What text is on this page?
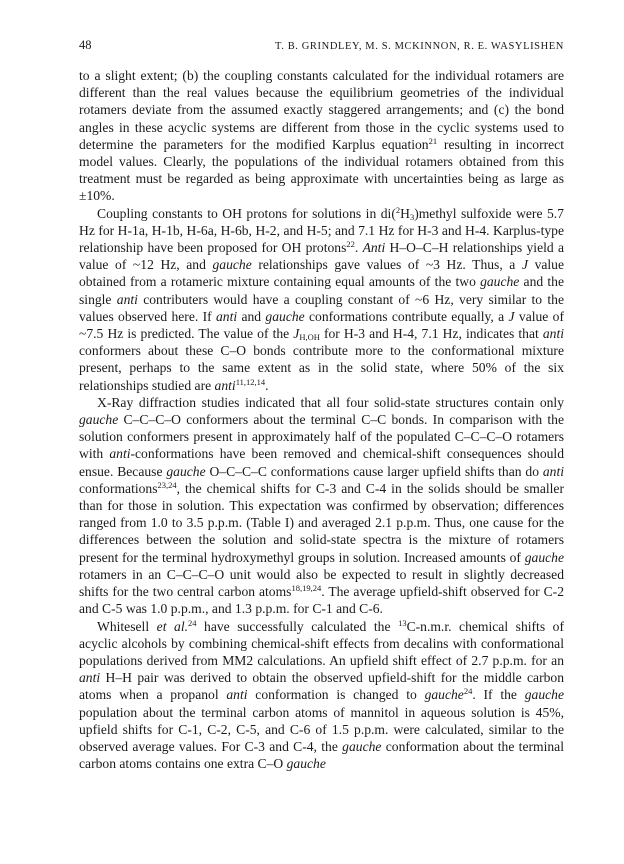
48	T. B. GRINDLEY, M. S. MCKINNON, R. E. WASYLISHEN

to a slight extent; (b) the coupling constants calculated for the individual rotamers are different than the real values because the equilibrium geometries of the individual rotamers deviate from the assumed exactly staggered arrangements; and (c) the bond angles in these acyclic systems are different from those in the cyclic systems used to determine the parameters for the modified Karplus equation$^{21}$ resulting in incorrect model values. Clearly, the populations of the individual rotamers obtained from this treatment must be regarded as being approximate with uncertainties being as large as ±10%.

Coupling constants to OH protons for solutions in $di(^2H_3)methyl$ sulfoxide were 5.7 Hz for H-1a, H-1b, H-6a, H-6b, H-2, and H-5; and 7.1 Hz for H-3 and H-4. Karplus-type relationship have been proposed for OH protons$^{22}$. Anti H–O–C–H relationships yield a value of ~12 Hz, and gauche relationships gave values of ~3 Hz. Thus, a J value obtained from a rotameric mixture containing equal amounts of the two gauche and the single anti contributers would have a coupling constant of ~6 Hz, very similar to the values observed here. If anti and gauche conformations contribute equally, a J value of ~7.5 Hz is predicted. The value of the $J_{H,OH}$ for H-3 and H-4, 7.1 Hz, indicates that anti conformers about these C–O bonds contribute more to the conformational mixture present, perhaps to the same extent as in the solid state, where 50% of the six relationships studied are anti$^{11,12,14}$.

X-Ray diffraction studies indicated that all four solid-state structures contain only gauche C–C–C–O conformers about the terminal C–C bonds. In comparison with the solution conformers present in approximately half of the populated C–C–C–O rotamers with anti-conformations have been removed and chemical-shift consequences should ensue. Because gauche O–C–C–C conformations cause larger upfield shifts than do anti conformations$^{23,24}$, the chemical shifts for C-3 and C-4 in the solids should be smaller than for those in solution. This expectation was confirmed by observation; differences ranged from 1.0 to 3.5 p.p.m. (Table I) and averaged 2.1 p.p.m. Thus, one cause for the differences between the solution and solid-state spectra is the mixture of rotamers present for the terminal hydroxymethyl groups in solution. Increased amounts of gauche rotamers in an C–C–C–O unit would also be expected to result in slightly decreased shifts for the two central carbon atoms$^{18,19,24}$. The average upfield-shift observed for C-2 and C-5 was 1.0 p.p.m., and 1.3 p.p.m. for C-1 and C-6.

Whitesell et al.$^{24}$ have successfully calculated the $^{13}$C-n.m.r. chemical shifts of acyclic alcohols by combining chemical-shift effects from decalins with conformational populations derived from MM2 calculations. An upfield shift effect of 2.7 p.p.m. for an anti H–H pair was derived to obtain the observed upfield-shift for the middle carbon atoms when a propanol anti conformation is changed to gauche$^{24}$. If the gauche population about the terminal carbon atoms of mannitol in aqueous solution is 45%, upfield shifts for C-1, C-2, C-5, and C-6 of 1.5 p.p.m. were calculated, similar to the observed average values. For C-3 and C-4, the gauche conformation about the terminal carbon atoms contains one extra C–O gauche
